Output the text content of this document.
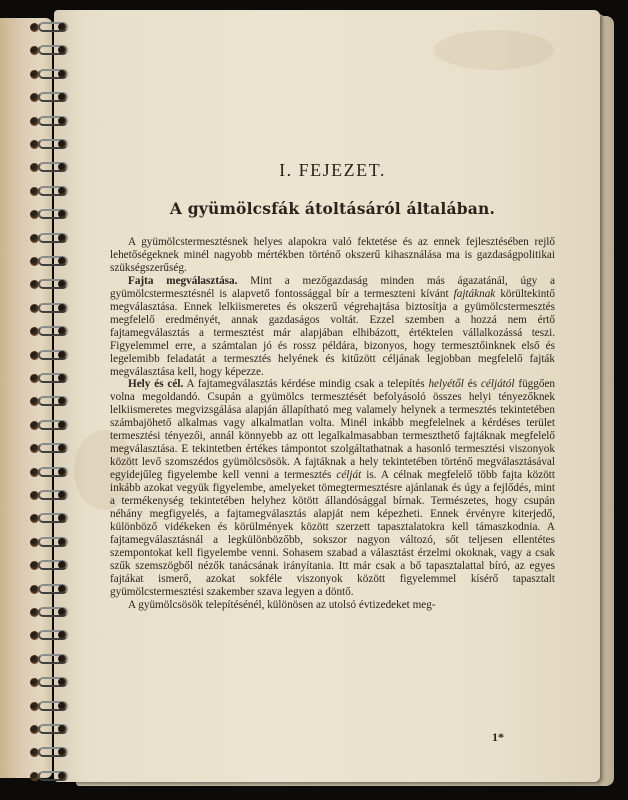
I. FEJEZET.
A gyümölcsfák átoltásáról általában.

A gyümölcstermesztésnek helyes alapokra való fektetése és az ennek fejlesztésében rejlő lehetőségeknek minél nagyobb mértékben történő okszerű kihasználása ma is gazdaságpolitikai szükségszerűség.

Fajta megválasztása. Mint a mezőgazdaság minden más ágazatánál, úgy a gyümölcstermesztésnél is alapvető fontossággal bír a termeszteni kívánt fajtáknak körültekintő megválasztása. Ennek lelkiismeretes és okszerű végrehajtása biztosítja a gyümölcstermesztés megfelelő eredményét, annak gazdaságos voltát. Ezzel szemben a hozzá nem értő fajtamegválasztás a termesztést már alapjában elhibázott, értéktelen vállalkozássá teszi. Figyelemmel erre, a számtalan jó és rossz példára, bizonyos, hogy termesztőinknek első és legelemibb feladatát a termesztés helyének és kitűzött céljának legjobban megfelelő fajták megválasztása kell, hogy képezze.

Hely és cél. A fajtamegválasztás kérdése mindig csak a telepítés helyétől és céljától függően volna megoldandó. Csupán a gyümölcs termesztését befolyásoló összes helyi tényezőknek lelkiismeretes megvizsgálása alapján állapítható meg valamely helynek a termesztés tekintetében számbajöhető alkalmas vagy alkalmatlan volta. Minél inkább megfelelnek a kérdéses terület termesztési tényezői, annál könnyebb az ott legalkalmasabban termeszthető fajtáknak megfelelő megválasztása. E tekintetben értékes támpontot szolgáltathatnak a hasonló termesztési viszonyok között levő szomszédos gyümölcsösök. A fajtáknak a hely tekintetében történő megválasztásával egyidejűleg figyelembe kell venni a termesztés célját is. A célnak megfelelő több fajta között inkább azokat vegyük figyelembe, amelyeket tömegtermesztésre ajánlanak és úgy a fejlődés, mint a termékenység tekintetében helyhez kötött állandósággal bírnak. Természetes, hogy csupán néhány megfigyelés, a fajtamegválasztás alapját nem képezheti. Ennek érvényre kiterjedő, különböző vidékeken és körülmények között szerzett tapasztalatokra kell támaszkodnia. A fajtamegválasztásnál a legkülönbözőbb, sokszor nagyon változó, sőt teljesen ellentétes szempontokat kell figyelembe venni. Sohasem szabad a választást érzelmi okoknak, vagy a csak szűk szemszögből nézők tanácsának irányítania. Itt már csak a bő tapasztalattal bíró, az egyes fajtákat ismerő, azokat sokféle viszonyok között figyelemmel kísérő tapasztalt gyümölcstermesztési szakember szava legyen a döntő.

A gyümölcsösök telepítésénél, különösen az utolsó évtizedeket meg-

1*
